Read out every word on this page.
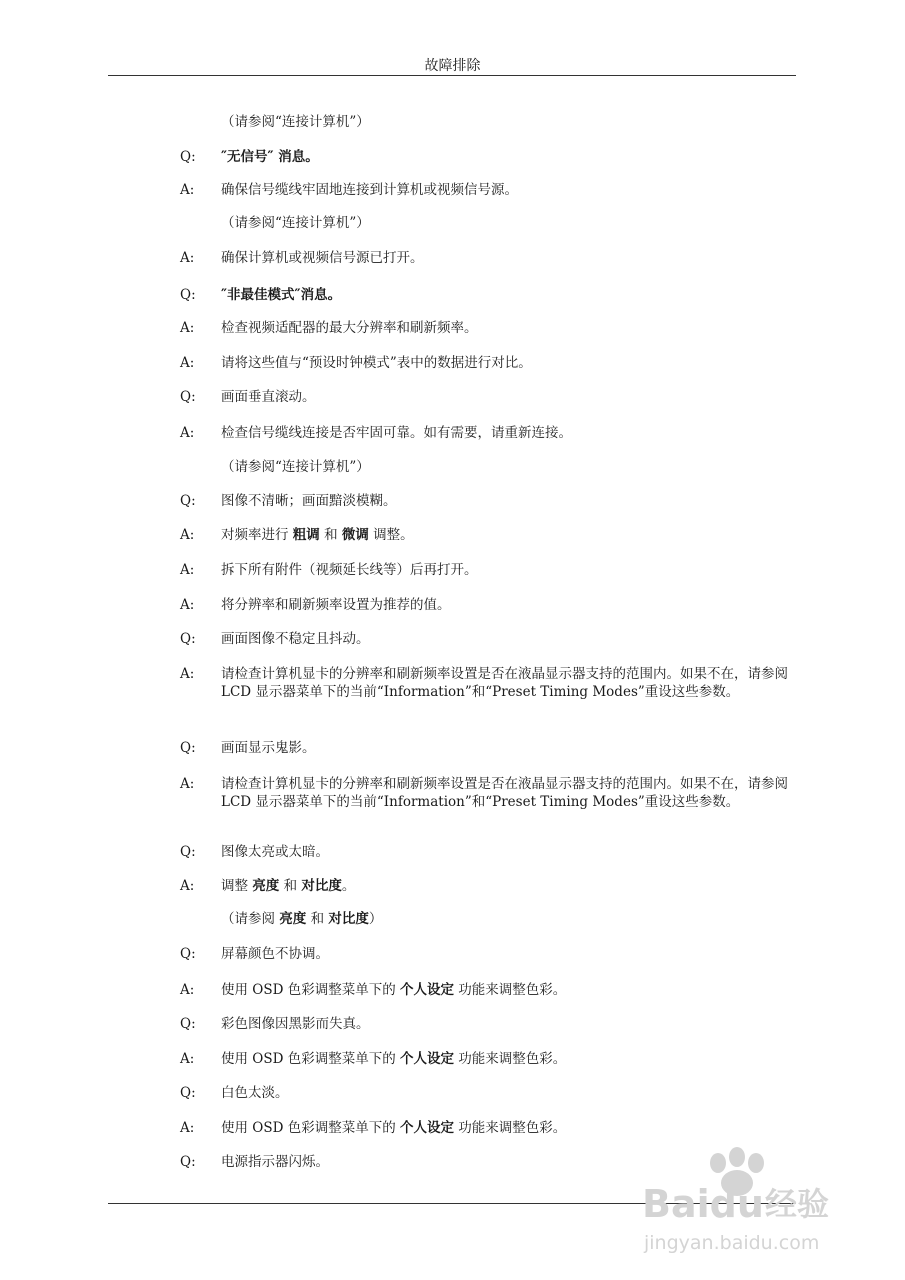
故障排除
（请参阅“连接计算机”）
Q:	″无信号″ 消息。
A:	确保信号缆线牢固地连接到计算机或视频信号源。
（请参阅“连接计算机”）
A:	确保计算机或视频信号源已打开。
Q:	″非最佳模式″消息。
A:	检查视频适配器的最大分辨率和刷新频率。
A:	请将这些值与“预设时钟模式”表中的数据进行对比。
Q:	画面垂直滚动。
A:	检查信号缆线连接是否牢固可靠。如有需要，请重新连接。
（请参阅“连接计算机”）
Q:	图像不清晰；画面黯淡模糊。
A:	对频率进行 粗调 和 微调 调整。
A:	拆下所有附件（视频延长线等）后再打开。
A:	将分辨率和刷新频率设置为推荐的值。
Q:	画面图像不稳定且抖动。
A:	请检查计算机显卡的分辨率和刷新频率设置是否在液晶显示器支持的范围内。如果不在，请参阅 LCD 显示器菜单下的当前“Information”和“Preset Timing Modes”重设这些参数。
Q:	画面显示鬼影。
A:	请检查计算机显卡的分辨率和刷新频率设置是否在液晶显示器支持的范围内。如果不在，请参阅 LCD 显示器菜单下的当前“Information”和“Preset Timing Modes”重设这些参数。
Q:	图像太亮或太暗。
A:	调整 亮度 和 对比度。
（请参阅 亮度 和 对比度）
Q:	屏幕颜色不协调。
A:	使用 OSD 色彩调整菜单下的 个人设定 功能来调整色彩。
Q:	彩色图像因黑影而失真。
A:	使用 OSD 色彩调整菜单下的 个人设定 功能来调整色彩。
Q:	白色太淡。
A:	使用 OSD 色彩调整菜单下的 个人设定 功能来调整色彩。
Q:	电源指示器闪烁。
Baidu 经验
jingyan.baidu.com
